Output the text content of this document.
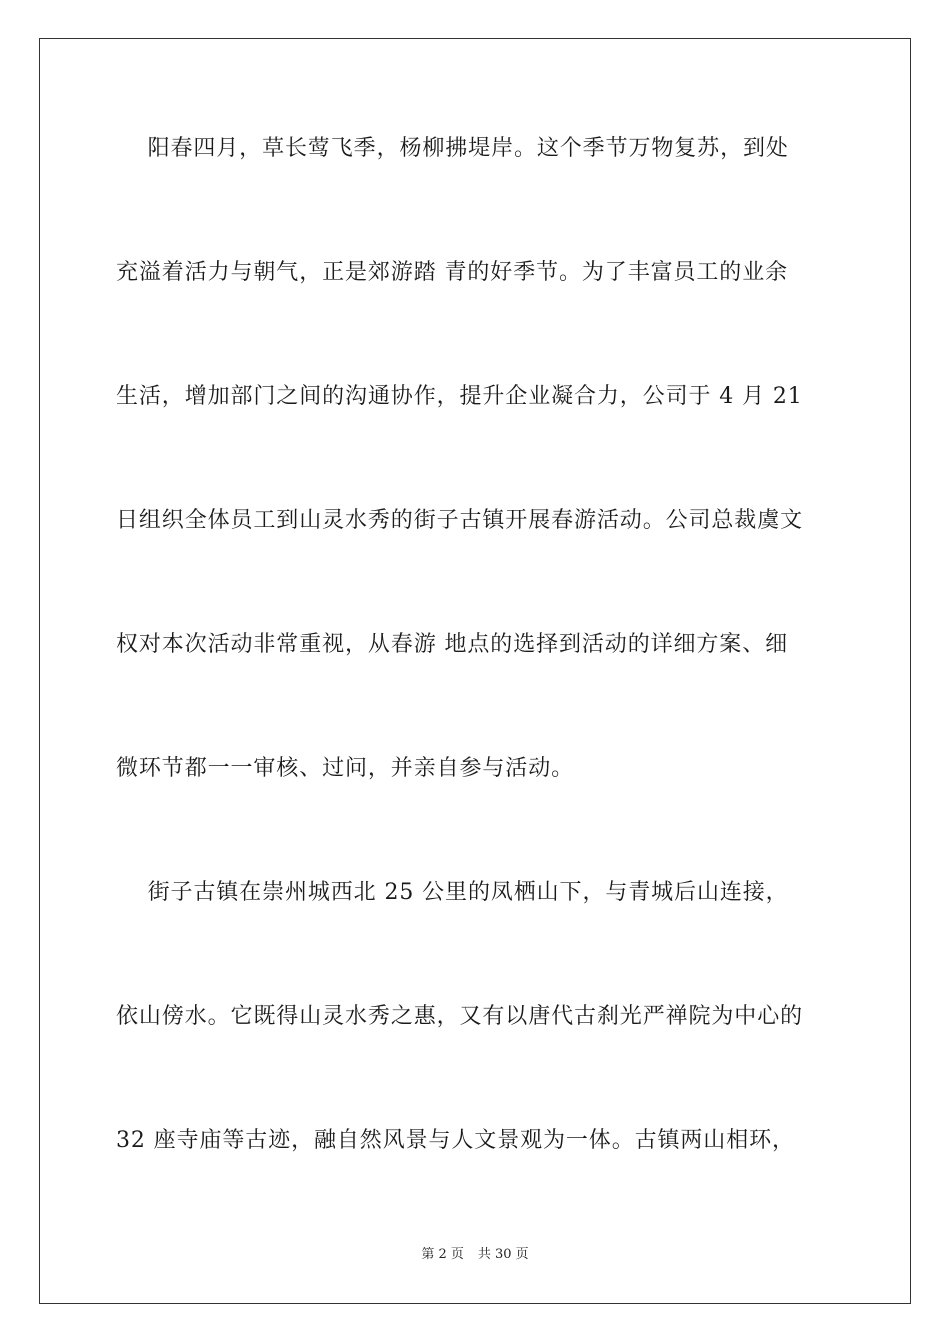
阳春四月，草长莺飞季，杨柳拂堤岸。这个季节万物复苏，到处
充溢着活力与朝气，正是郊游踏 青的好季节。为了丰富员工的业余
生活，增加部门之间的沟通协作，提升企业凝合力，公司于 4 月 21
日组织全体员工到山灵水秀的街子古镇开展春游活动。公司总裁虞文
权对本次活动非常重视，从春游 地点的选择到活动的详细方案、细
微环节都一一审核、过问，并亲自参与活动。
街子古镇在崇州城西北 25 公里的凤栖山下，与青城后山连接，
依山傍水。它既得山灵水秀之惠，又有以唐代古刹光严禅院为中心的
32 座寺庙等古迹，融自然风景与人文景观为一体。古镇两山相环，
第 2 页 共 30 页
